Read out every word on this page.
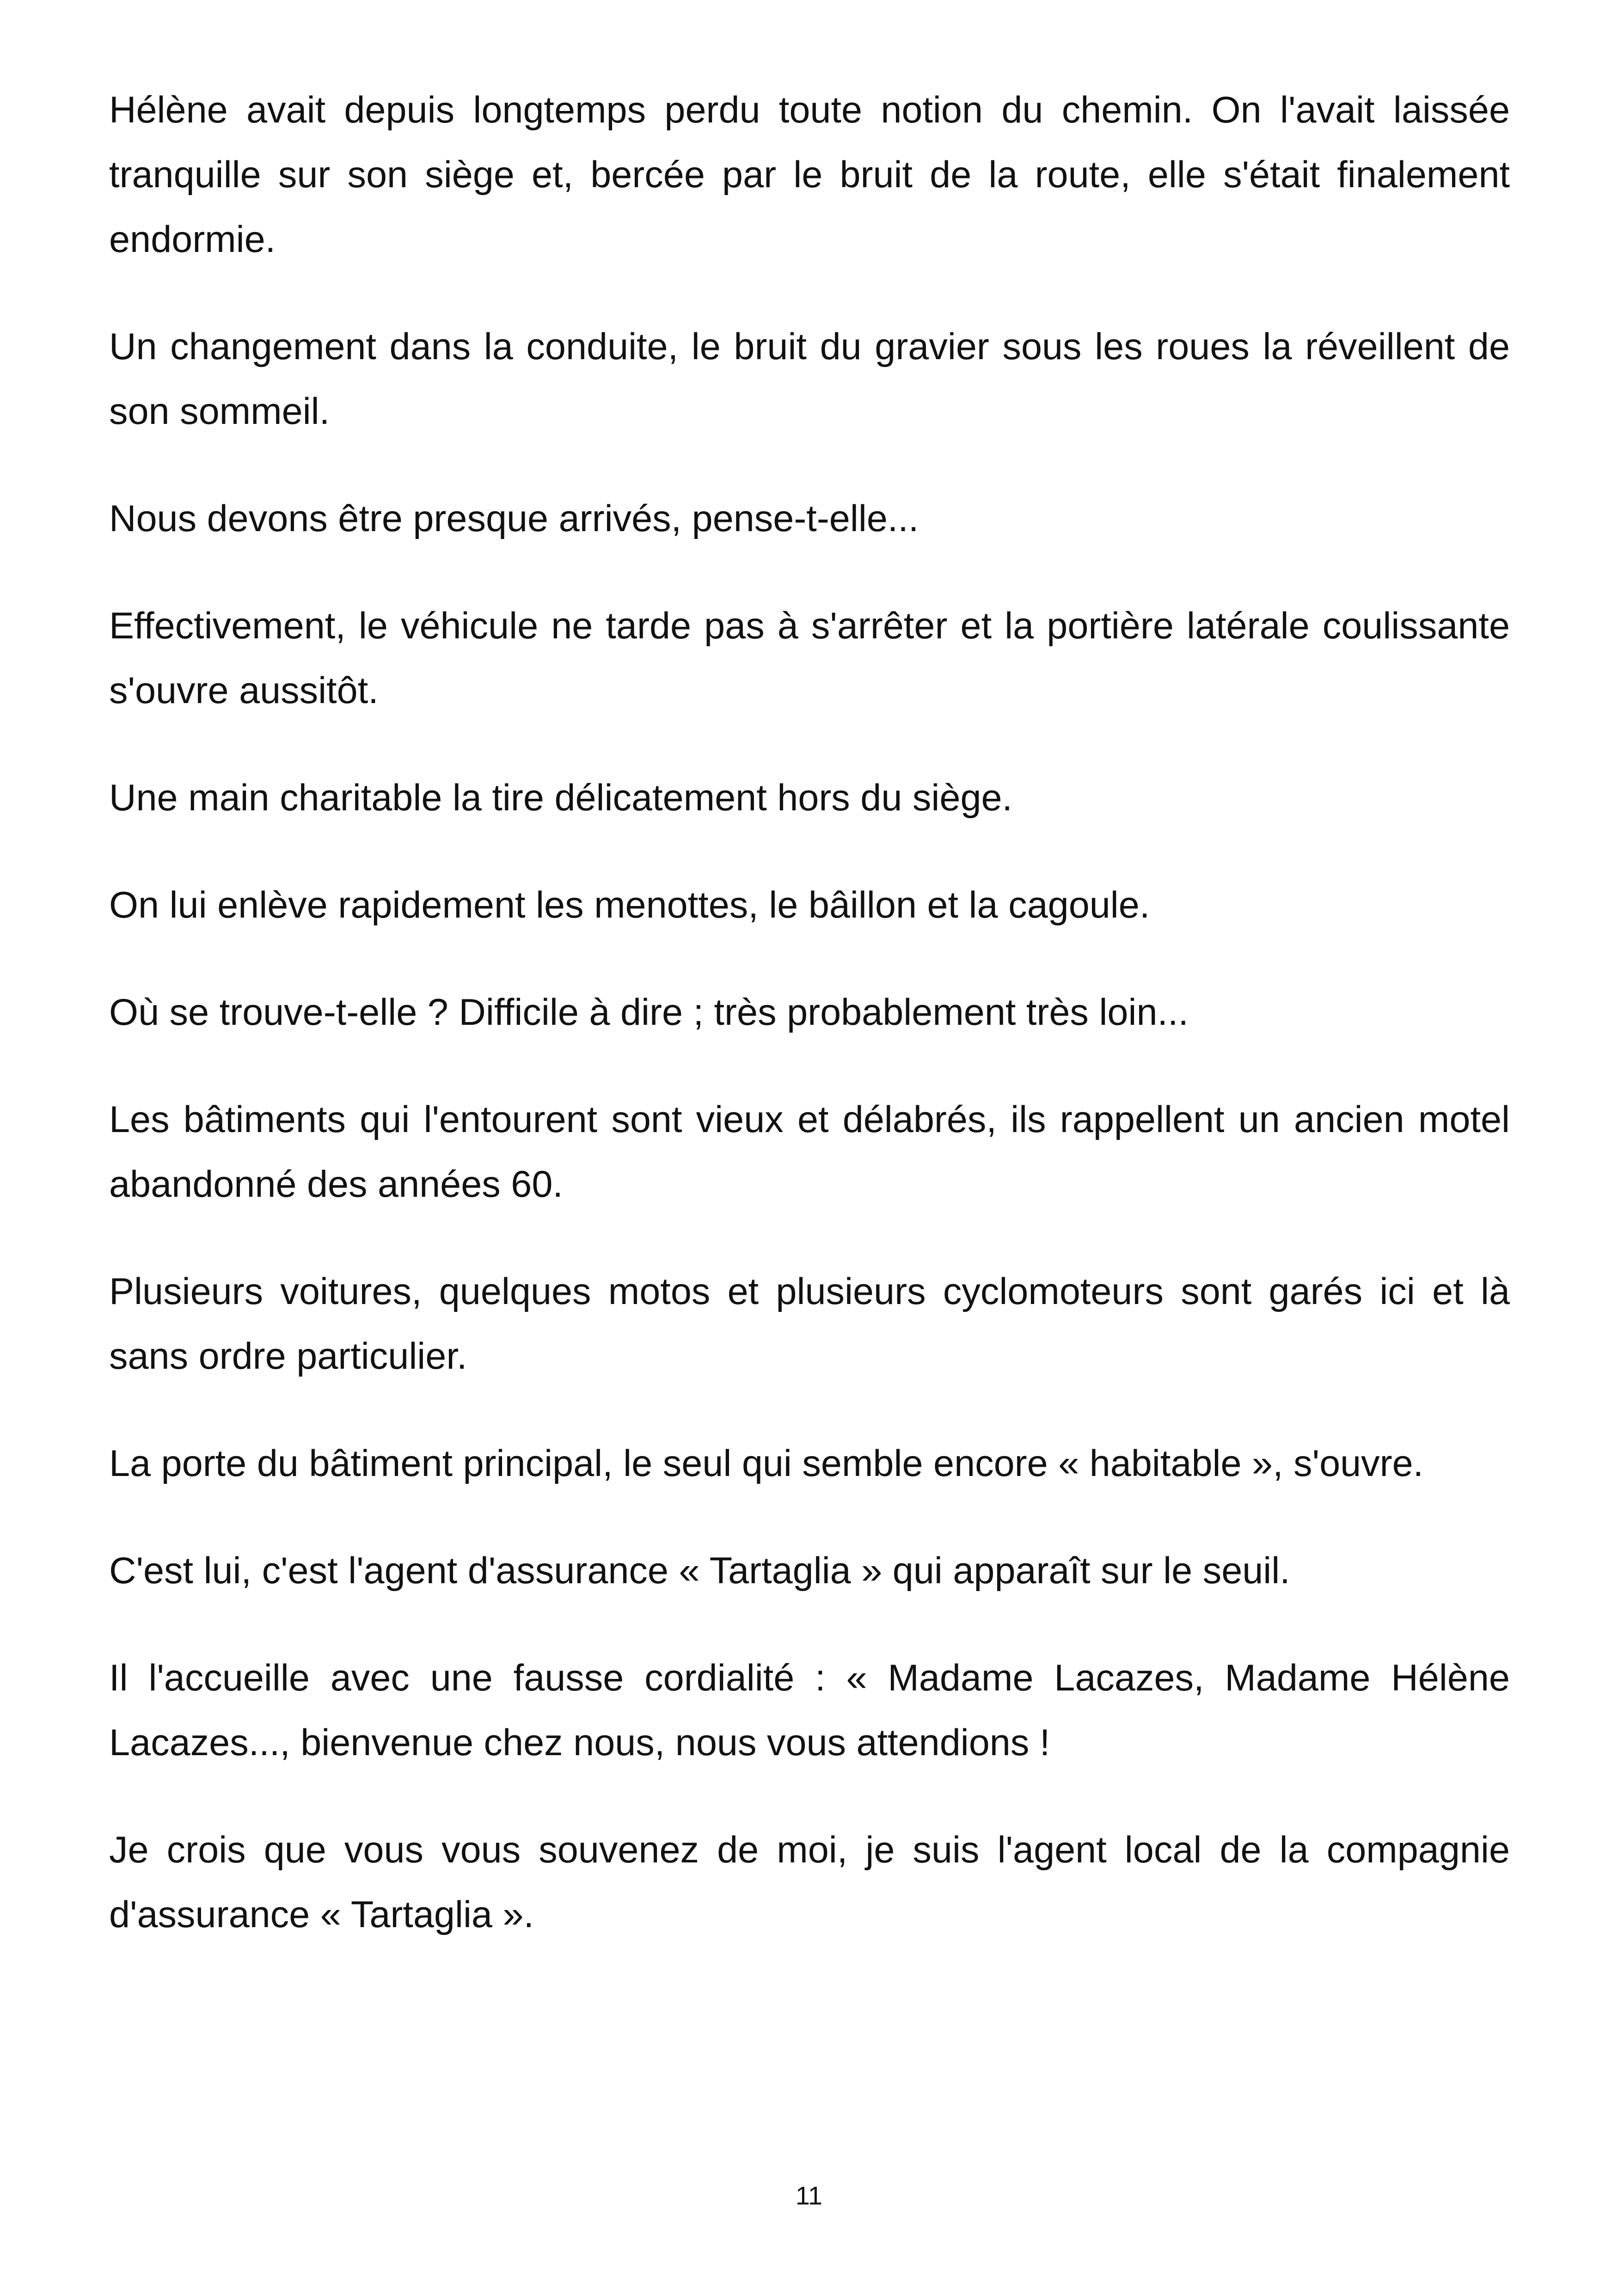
Hélène avait depuis longtemps perdu toute notion du chemin. On l'avait laissée tranquille sur son siège et, bercée par le bruit de la route, elle s'était finalement endormie.

Un changement dans la conduite, le bruit du gravier sous les roues la réveillent de son sommeil.

Nous devons être presque arrivés, pense-t-elle...

Effectivement, le véhicule ne tarde pas à s'arrêter et la portière latérale coulissante s'ouvre aussitôt.

Une main charitable la tire délicatement hors du siège.

On lui enlève rapidement les menottes, le bâillon et la cagoule.

Où se trouve-t-elle ? Difficile à dire ; très probablement très loin...

Les bâtiments qui l'entourent sont vieux et délabrés, ils rappellent un ancien motel abandonné des années 60.

Plusieurs voitures, quelques motos et plusieurs cyclomoteurs sont garés ici et là sans ordre particulier.

La porte du bâtiment principal, le seul qui semble encore « habitable », s'ouvre.

C'est lui, c'est l'agent d'assurance « Tartaglia » qui apparaît sur le seuil.

Il l'accueille avec une fausse cordialité : « Madame Lacazes, Madame Hélène Lacazes..., bienvenue chez nous, nous vous attendions !

Je crois que vous vous souvenez de moi, je suis l'agent local de la compagnie d'assurance « Tartaglia ».

11
